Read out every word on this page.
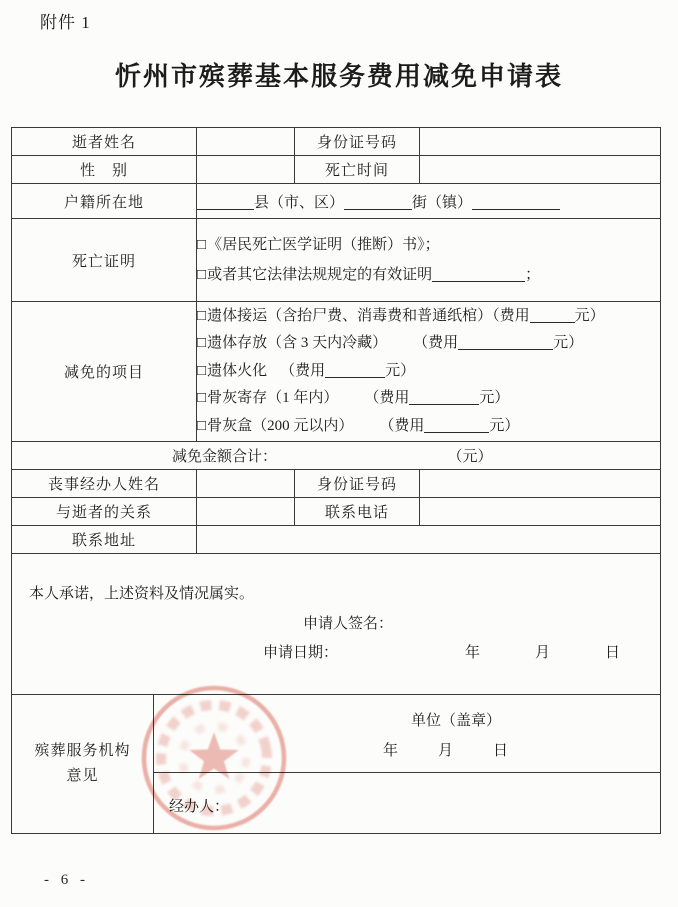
附件 1
忻州市殡葬基本服务费用减免申请表
逝者姓名		身份证号码	
性　别		死亡时间	
户籍所在地	县（市、区） 街（镇）		
死亡证明	□《居民死亡医学证明（推断）书》；
□或者其它法律法规规定的有效证明 ；		

减免的项目	□遗体接运（含抬尸费、消毒费和普通纸棺）（费用 元）
□遗体存放（含 3 天内冷藏） （费用 元）
□遗体火化 （费用 元）
□骨灰寄存（1 年内） （费用 元）
□骨灰盒（200 元以内） （费用 元）		

减免金额合计： （元）			
丧事经办人姓名		身份证号码	
与逝者的关系		联系电话	
联系地址			

本人承诺，上述资料及情况属实。
申请人签名：
申请日期：	年	月	日

殡葬服务机构
意见
单位（盖章）
年 月 日
经办人：			
- 6 -
